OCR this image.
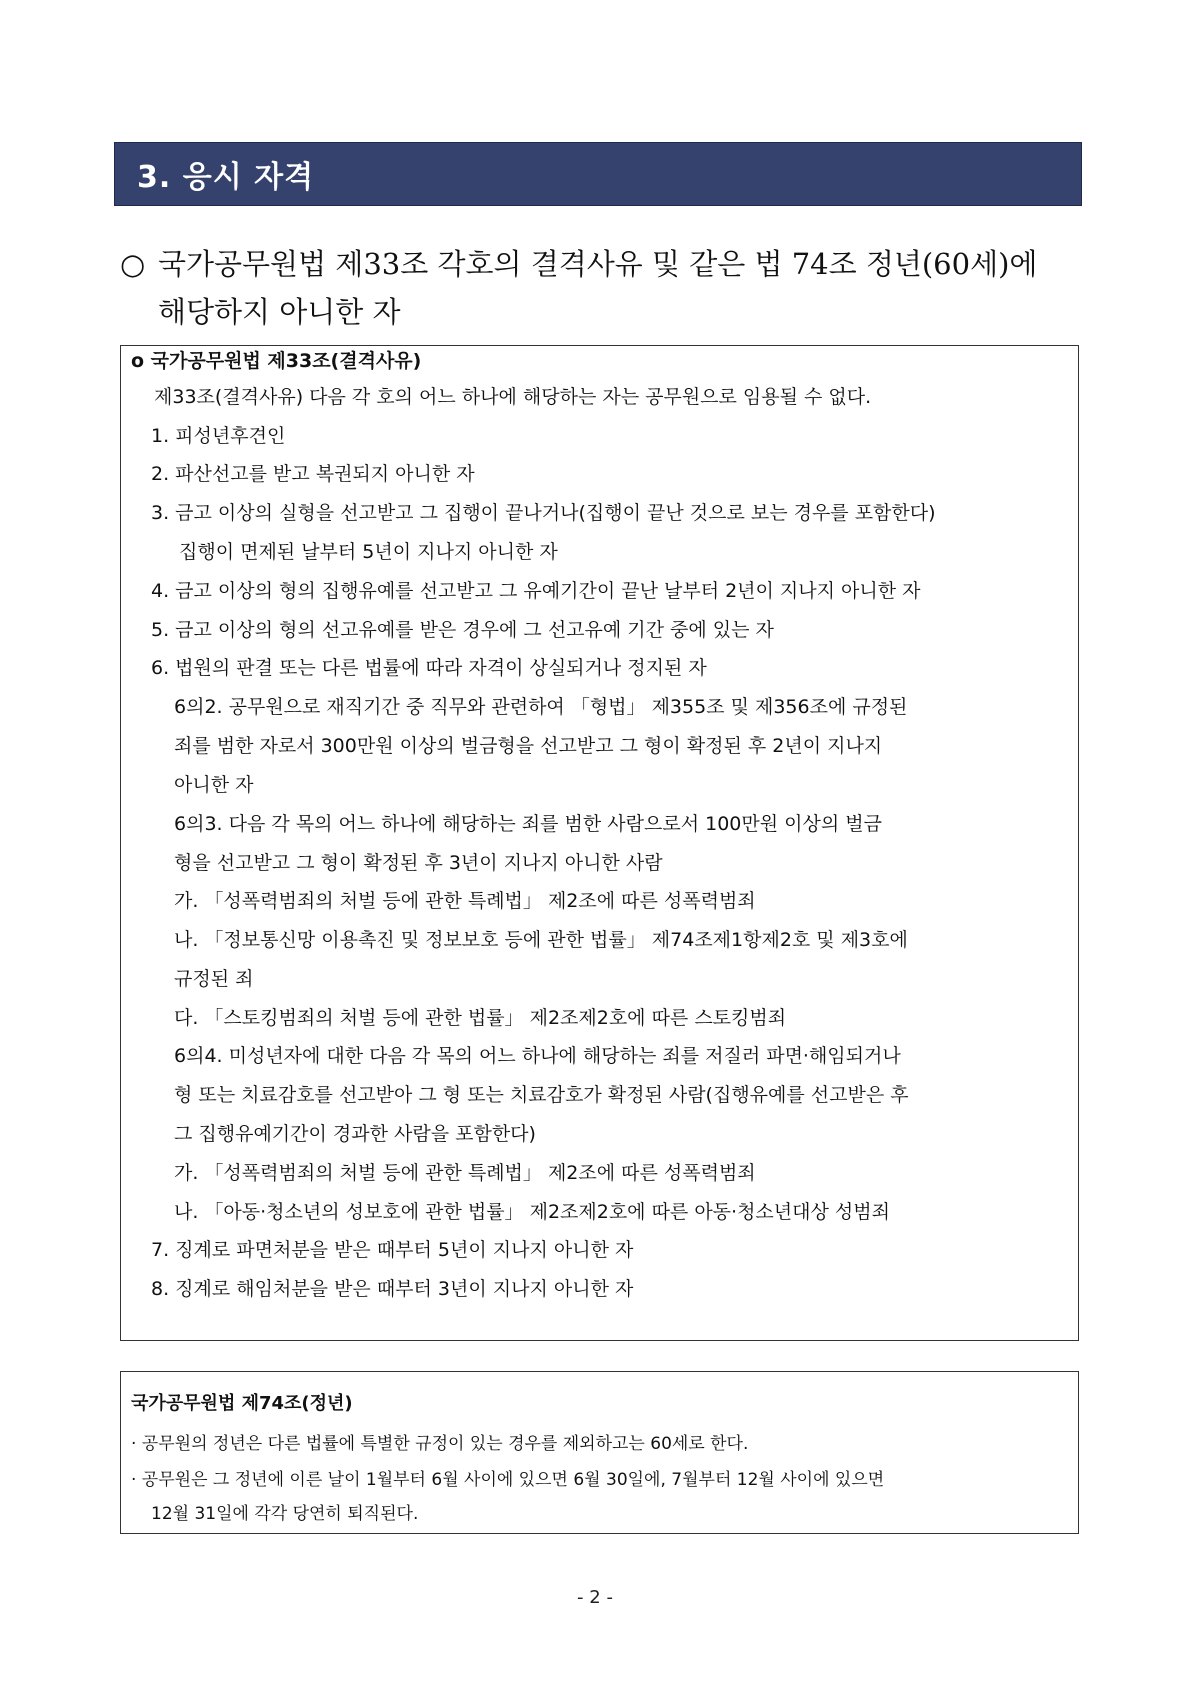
3. 응시 자격
○ 국가공무원법 제33조 각호의 결격사유 및 같은 법 74조 정년(60세)에
해당하지 아니한 자
o 국가공무원법 제33조(결격사유)
제33조(결격사유) 다음 각 호의 어느 하나에 해당하는 자는 공무원으로 임용될 수 없다.
1. 피성년후견인
2. 파산선고를 받고 복권되지 아니한 자
3. 금고 이상의 실형을 선고받고 그 집행이 끝나거나(집행이 끝난 것으로 보는 경우를 포함한다)
집행이 면제된 날부터 5년이 지나지 아니한 자
4. 금고 이상의 형의 집행유예를 선고받고 그 유예기간이 끝난 날부터 2년이 지나지 아니한 자
5. 금고 이상의 형의 선고유예를 받은 경우에 그 선고유예 기간 중에 있는 자
6. 법원의 판결 또는 다른 법률에 따라 자격이 상실되거나 정지된 자
6의2. 공무원으로 재직기간 중 직무와 관련하여 「형법」 제355조 및 제356조에 규정된
죄를 범한 자로서 300만원 이상의 벌금형을 선고받고 그 형이 확정된 후 2년이 지나지
아니한 자
6의3. 다음 각 목의 어느 하나에 해당하는 죄를 범한 사람으로서 100만원 이상의 벌금
형을 선고받고 그 형이 확정된 후 3년이 지나지 아니한 사람
가. 「성폭력범죄의 처벌 등에 관한 특례법」 제2조에 따른 성폭력범죄
나. 「정보통신망 이용촉진 및 정보보호 등에 관한 법률」 제74조제1항제2호 및 제3호에
규정된 죄
다. 「스토킹범죄의 처벌 등에 관한 법률」 제2조제2호에 따른 스토킹범죄
6의4. 미성년자에 대한 다음 각 목의 어느 하나에 해당하는 죄를 저질러 파면·해임되거나
형 또는 치료감호를 선고받아 그 형 또는 치료감호가 확정된 사람(집행유예를 선고받은 후
그 집행유예기간이 경과한 사람을 포함한다)
가. 「성폭력범죄의 처벌 등에 관한 특례법」 제2조에 따른 성폭력범죄
나. 「아동·청소년의 성보호에 관한 법률」 제2조제2호에 따른 아동·청소년대상 성범죄
7. 징계로 파면처분을 받은 때부터 5년이 지나지 아니한 자
8. 징계로 해임처분을 받은 때부터 3년이 지나지 아니한 자
국가공무원법 제74조(정년)
· 공무원의 정년은 다른 법률에 특별한 규정이 있는 경우를 제외하고는 60세로 한다.
· 공무원은 그 정년에 이른 날이 1월부터 6월 사이에 있으면 6월 30일에, 7월부터 12월 사이에 있으면
12월 31일에 각각 당연히 퇴직된다.
- 2 -
